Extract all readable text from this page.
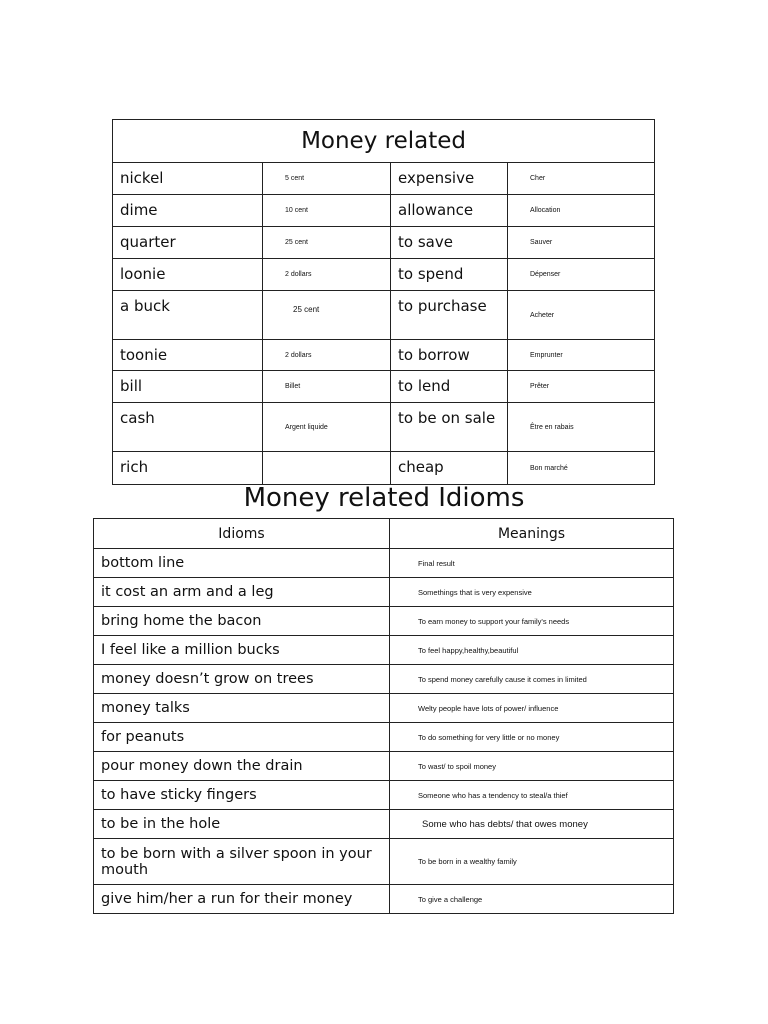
Money related			
nickel	5 cent	expensive	Cher
dime	10 cent	allowance	Allocation
quarter	25 cent	to save	Sauver
loonie	2 dollars	to spend	Dépenser
a buck	25 cent	to purchase	Acheter
toonie	2 dollars	to borrow	Emprunter
bill	Billet	to lend	Prêter
cash	Argent liquide	to be on sale	Être en rabais
rich		cheap	Bon marché
Money related Idioms
Idioms	Meanings
bottom line	Final result
it cost an arm and a leg	Somethings that is very expensive
bring home the bacon	To earn money to support your family's needs
I feel like a million bucks	To feel happy,healthy,beautiful
money doesn’t grow on trees	To spend money carefully cause it comes in limited
money talks	Welty people have lots of power/ influence
for peanuts	To do something for very little or no money
pour money down the drain	To wast/ to spoil money
to have sticky fingers	Someone who has a tendency to steal/a thief
to be in the hole	Some who has debts/ that owes money
to be born with a silver spoon in your mouth	To be born in a wealthy family
give him/her a run for their money	To give a challenge
